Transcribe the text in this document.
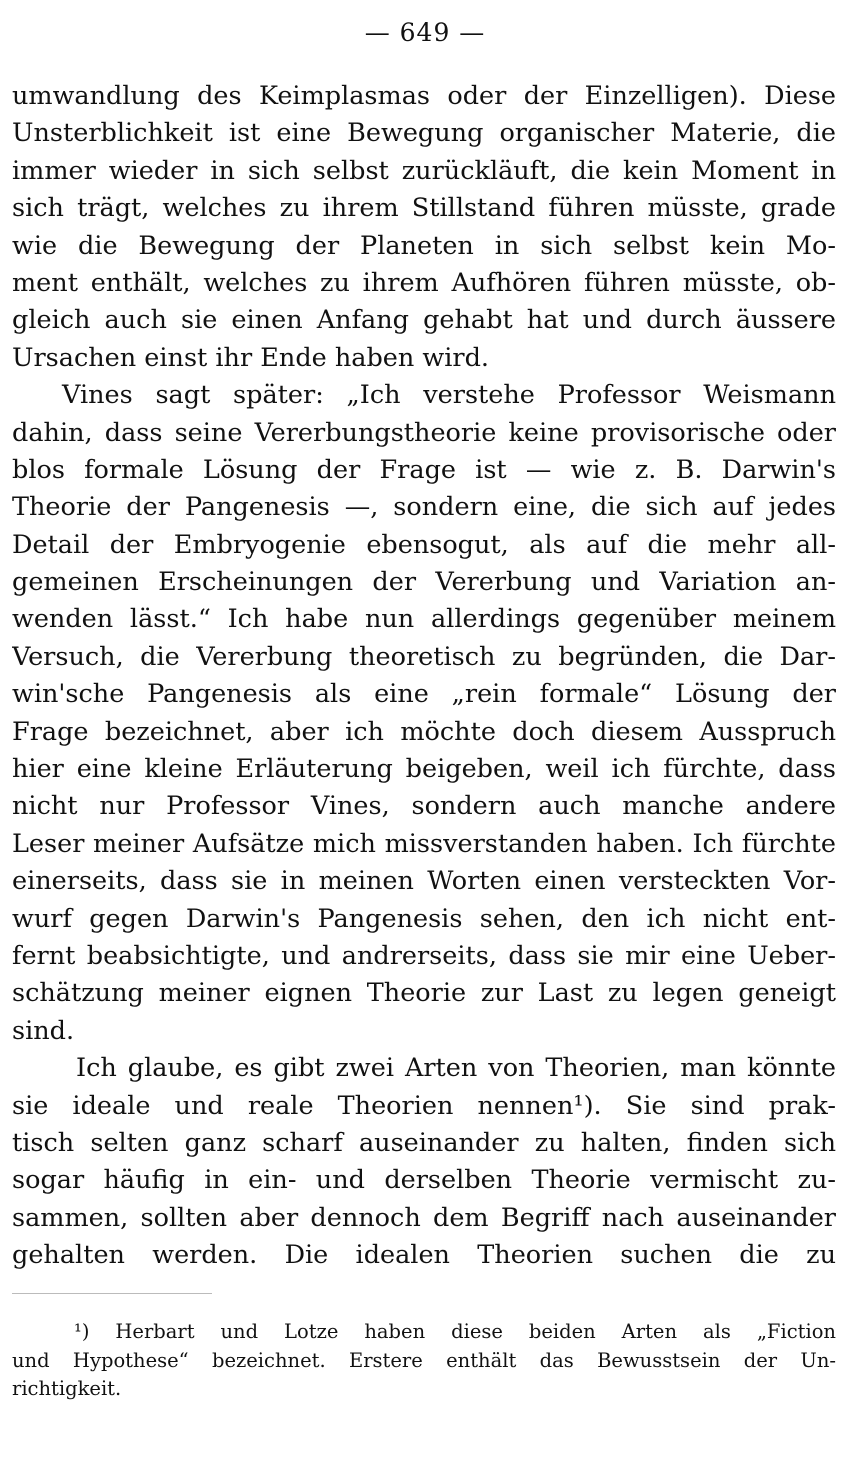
— 649 —
umwandlung des Keimplasmas oder der Einzelligen). Diese
Unsterblichkeit ist eine Bewegung organischer Materie, die
immer wieder in sich selbst zurückläuft, die kein Moment in
sich trägt, welches zu ihrem Stillstand führen müsste, grade
wie die Bewegung der Planeten in sich selbst kein Mo-
ment enthält, welches zu ihrem Aufhören führen müsste, ob-
gleich auch sie einen Anfang gehabt hat und durch äussere
Ursachen einst ihr Ende haben wird.
Vines sagt später: „Ich verstehe Professor Weismann
dahin, dass seine Vererbungstheorie keine provisorische oder
blos formale Lösung der Frage ist — wie z. B. Darwin's
Theorie der Pangenesis —, sondern eine, die sich auf jedes
Detail der Embryogenie ebensogut, als auf die mehr all-
gemeinen Erscheinungen der Vererbung und Variation an-
wenden lässt.“ Ich habe nun allerdings gegenüber meinem
Versuch, die Vererbung theoretisch zu begründen, die Dar-
win'sche Pangenesis als eine „rein formale“ Lösung der
Frage bezeichnet, aber ich möchte doch diesem Ausspruch
hier eine kleine Erläuterung beigeben, weil ich fürchte, dass
nicht nur Professor Vines, sondern auch manche andere
Leser meiner Aufsätze mich missverstanden haben. Ich fürchte
einerseits, dass sie in meinen Worten einen versteckten Vor-
wurf gegen Darwin's Pangenesis sehen, den ich nicht ent-
fernt beabsichtigte, und andrerseits, dass sie mir eine Ueber-
schätzung meiner eignen Theorie zur Last zu legen geneigt
sind.
Ich glaube, es gibt zwei Arten von Theorien, man könnte
sie ideale und reale Theorien nennen¹). Sie sind prak-
tisch selten ganz scharf auseinander zu halten, finden sich
sogar häufig in ein- und derselben Theorie vermischt zu-
sammen, sollten aber dennoch dem Begriff nach auseinander
gehalten werden. Die idealen Theorien suchen die zu
¹) Herbart und Lotze haben diese beiden Arten als „Fiction
und Hypothese“ bezeichnet. Erstere enthält das Bewusstsein der Un-
richtigkeit.
